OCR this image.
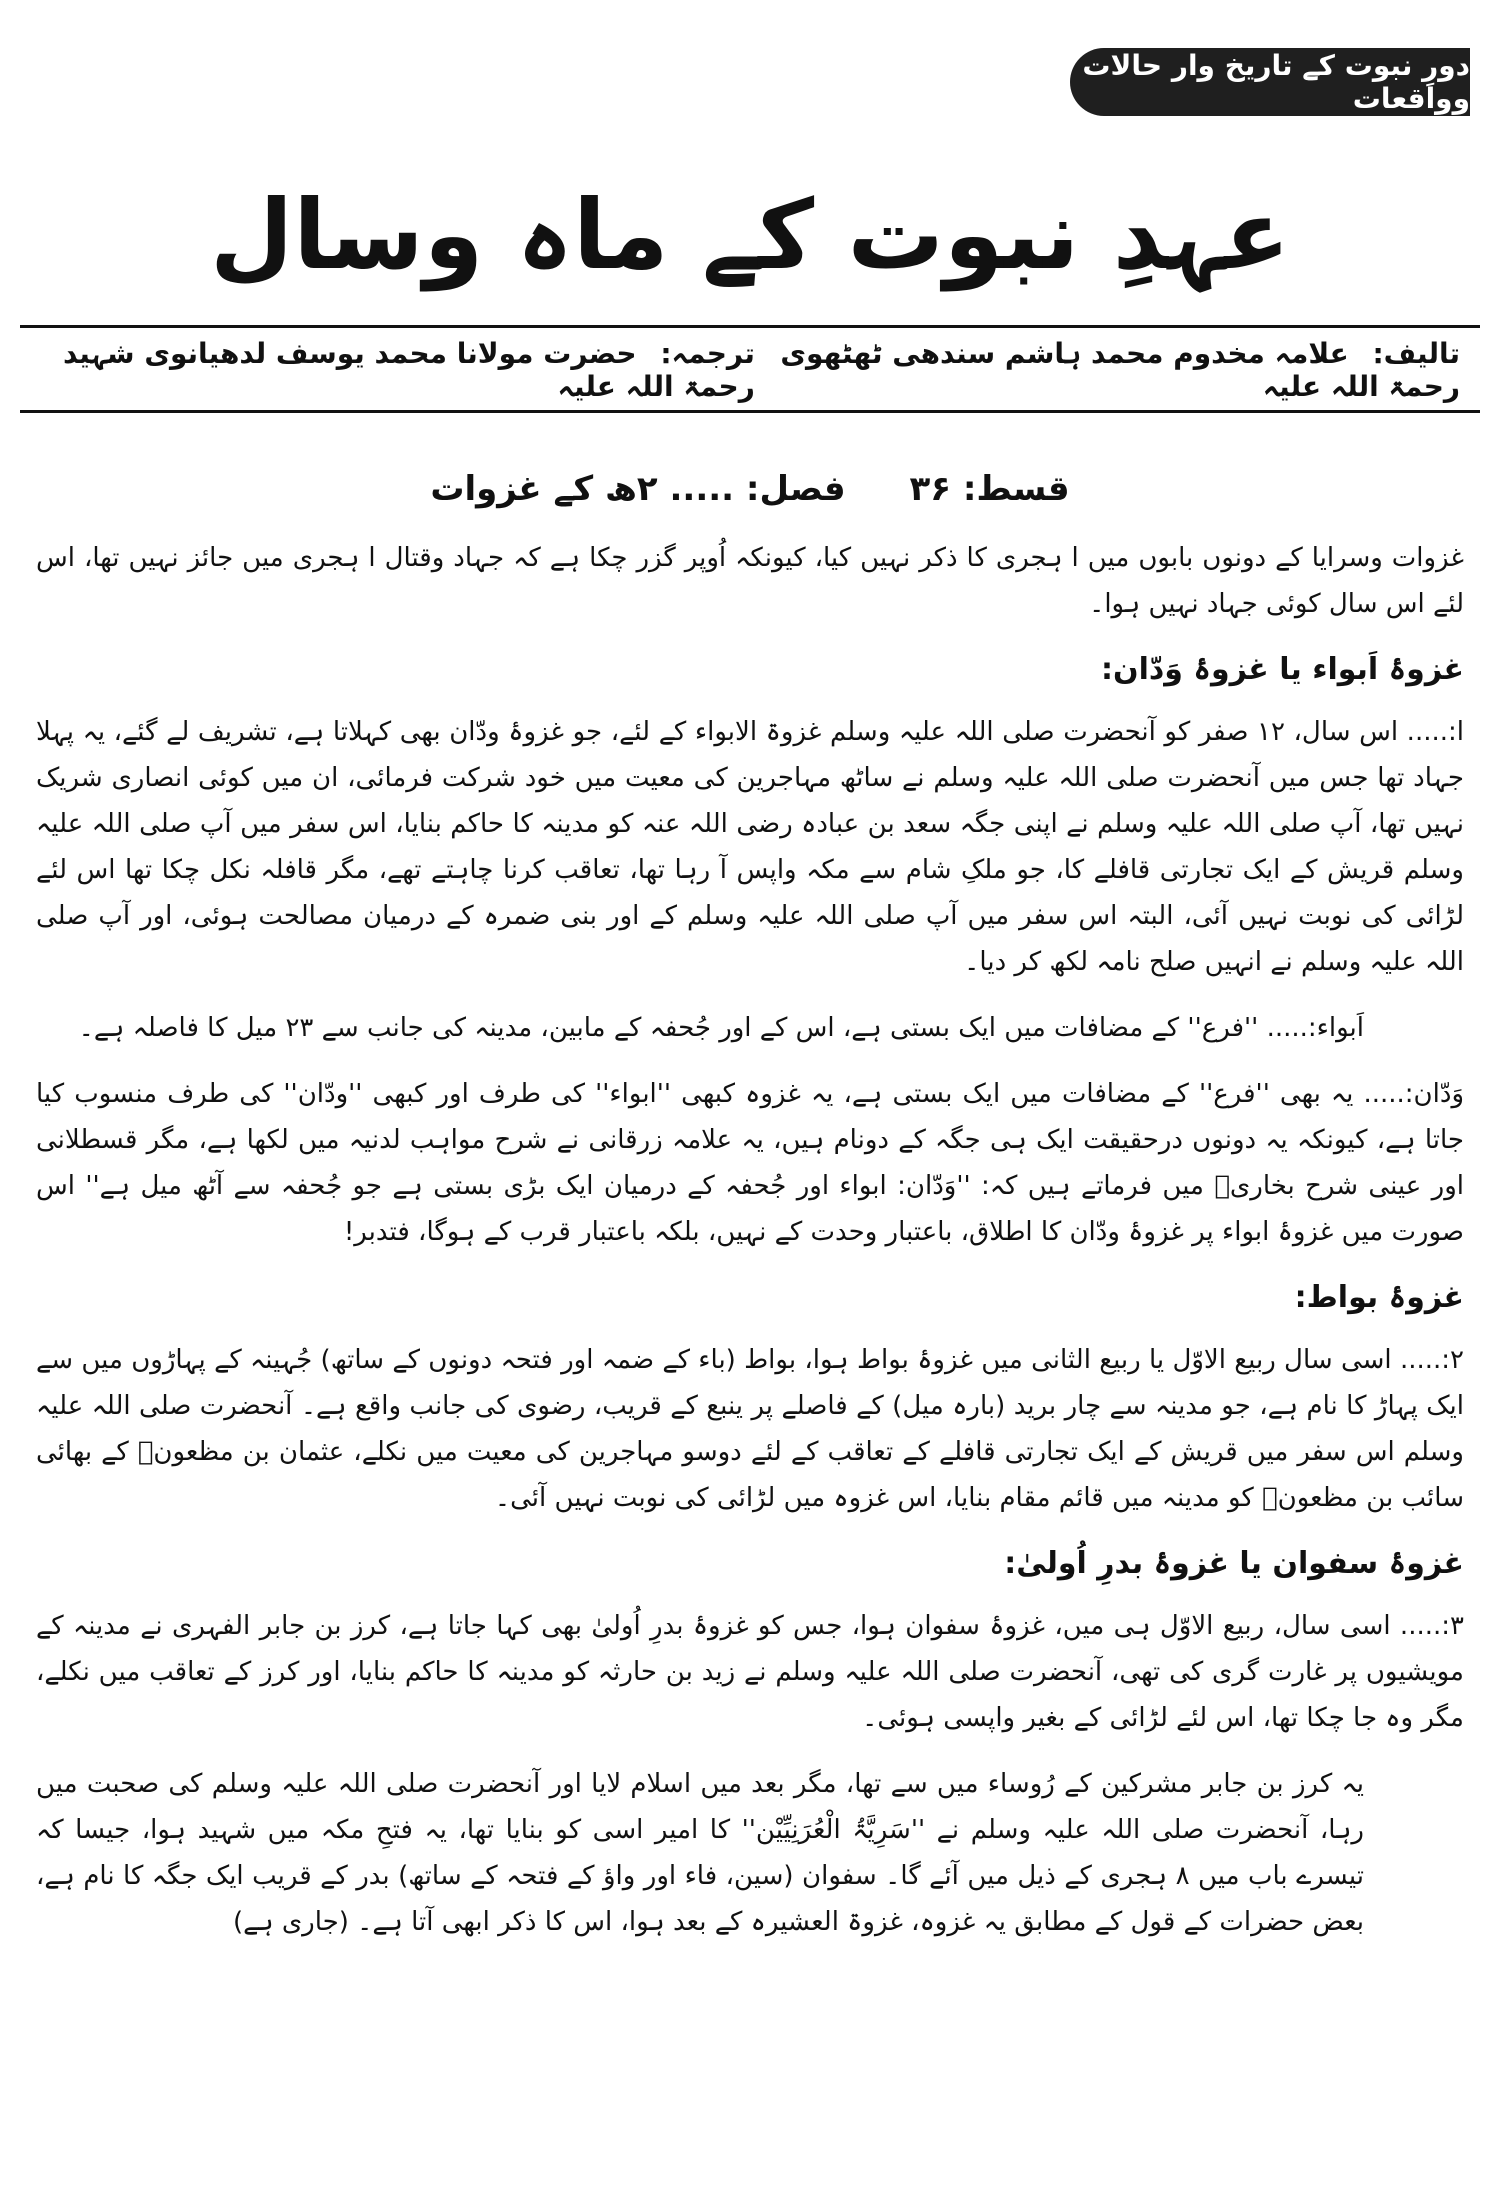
دورِ نبوت کے تاریخ وار حالات وواقعات
عہدِ نبوت کے ماہ وسال
تالیف: علامہ مخدوم محمد ہاشم سندھی ٹھٹھوی رحمۃ اللہ علیہ
ترجمہ: حضرت مولانا محمد یوسف لدھیانوی شہید رحمۃ اللہ علیہ
قسط: ۳۶ فصل: ..... ۲ھ کے غزوات

غزوات وسرایا کے دونوں بابوں میں ا ہجری کا ذکر نہیں کیا، کیونکہ اُوپر گزر چکا ہے کہ جہاد وقتال ا ہجری میں جائز نہیں تھا، اس لئے اس سال کوئی جہاد نہیں ہوا۔

غزوۂ اَبواء یا غزوۂ وَدّان:

ا:..... اس سال، ۱۲ صفر کو آنحضرت صلی اللہ علیہ وسلم غزوۃ الابواء کے لئے، جو غزوۂ ودّان بھی کہلاتا ہے، تشریف لے گئے، یہ پہلا جہاد تھا جس میں آنحضرت صلی اللہ علیہ وسلم نے ساٹھ مہاجرین کی معیت میں خود شرکت فرمائی، ان میں کوئی انصاری شریک نہیں تھا، آپ صلی اللہ علیہ وسلم نے اپنی جگہ سعد بن عبادہ رضی اللہ عنہ کو مدینہ کا حاکم بنایا، اس سفر میں آپ صلی اللہ علیہ وسلم قریش کے ایک تجارتی قافلے کا، جو ملکِ شام سے مکہ واپس آ رہا تھا، تعاقب کرنا چاہتے تھے، مگر قافلہ نکل چکا تھا اس لئے لڑائی کی نوبت نہیں آئی، البتہ اس سفر میں آپ صلی اللہ علیہ وسلم کے اور بنی ضمرہ کے درمیان مصالحت ہوئی، اور آپ صلی اللہ علیہ وسلم نے انہیں صلح نامہ لکھ کر دیا۔

اَبواء:..... ''فرع'' کے مضافات میں ایک بستی ہے، اس کے اور جُحفہ کے مابین، مدینہ کی جانب سے ۲۳ میل کا فاصلہ ہے۔

وَدّان:..... یہ بھی ''فرع'' کے مضافات میں ایک بستی ہے، یہ غزوہ کبھی ''ابواء'' کی طرف اور کبھی ''ودّان'' کی طرف منسوب کیا جاتا ہے، کیونکہ یہ دونوں درحقیقت ایک ہی جگہ کے دونام ہیں، یہ علامہ زرقانی نے شرح مواہب لدنیہ میں لکھا ہے، مگر قسطلانی اور عینی شرح بخاریؒ میں فرماتے ہیں کہ: ''وَدّان: ابواء اور جُحفہ کے درمیان ایک بڑی بستی ہے جو جُحفہ سے آٹھ میل ہے'' اس صورت میں غزوۂ ابواء پر غزوۂ ودّان کا اطلاق، باعتبار وحدت کے نہیں، بلکہ باعتبار قرب کے ہوگا، فتدبر!

غزوۂ بواط:

۲:..... اسی سال ربیع الاوّل یا ربیع الثانی میں غزوۂ بواط ہوا، بواط (باء کے ضمہ اور فتحہ دونوں کے ساتھ) جُہینہ کے پہاڑوں میں سے ایک پہاڑ کا نام ہے، جو مدینہ سے چار برید (بارہ میل) کے فاصلے پر ینبع کے قریب، رضوی کی جانب واقع ہے۔ آنحضرت صلی اللہ علیہ وسلم اس سفر میں قریش کے ایک تجارتی قافلے کے تعاقب کے لئے دوسو مہاجرین کی معیت میں نکلے، عثمان بن مظعونؓ کے بھائی سائب بن مظعونؓ کو مدینہ میں قائم مقام بنایا، اس غزوہ میں لڑائی کی نوبت نہیں آئی۔

غزوۂ سفوان یا غزوۂ بدرِ اُولیٰ:

۳:..... اسی سال، ربیع الاوّل ہی میں، غزوۂ سفوان ہوا، جس کو غزوۂ بدرِ اُولیٰ بھی کہا جاتا ہے، کرز بن جابر الفہری نے مدینہ کے مویشیوں پر غارت گری کی تھی، آنحضرت صلی اللہ علیہ وسلم نے زید بن حارثہ کو مدینہ کا حاکم بنایا، اور کرز کے تعاقب میں نکلے، مگر وہ جا چکا تھا، اس لئے لڑائی کے بغیر واپسی ہوئی۔

یہ کرز بن جابر مشرکین کے رُوساء میں سے تھا، مگر بعد میں اسلام لایا اور آنحضرت صلی اللہ علیہ وسلم کی صحبت میں رہا، آنحضرت صلی اللہ علیہ وسلم نے ''سَرِیَّۃُ الْعُرَنِیِّیْن'' کا امیر اسی کو بنایا تھا، یہ فتحِ مکہ میں شہید ہوا، جیسا کہ تیسرے باب میں ۸ ہجری کے ذیل میں آئے گا۔ سفوان (سین، فاء اور واؤ کے فتحہ کے ساتھ) بدر کے قریب ایک جگہ کا نام ہے، بعض حضرات کے قول کے مطابق یہ غزوہ، غزوۃ العشیرہ کے بعد ہوا، اس کا ذکر ابھی آتا ہے۔ (جاری ہے)
